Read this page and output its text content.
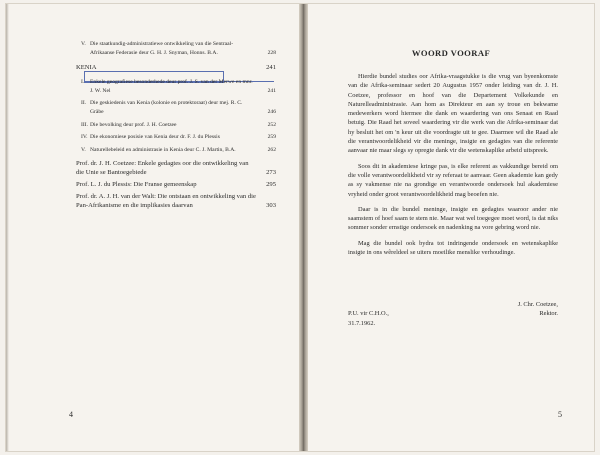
V. Die staatkundig-administratiewe ontwikkeling van die Sentraal-Afrikaanse Federasie deur G. H. J. Snyman, Honns. B.A.	228
KENIA	241
I. Enkele geografiese besonderhede deur prof. J. S. van der Merwe en mnr. J. W. Nel	241
II. Die geskiedenis van Kenia (kolonie en protektoraat) deur mej. R. C. Gräbe	246
III. Die bevolking deur prof. J. H. Coetzee	252
IV. Die ekonomiese posisie van Kenia deur dr. F. J. du Plessis	259
V. Naturellebeleid en administrasie in Kenia deur C. J. Martin, B.A.	262
Prof. dr. J. H. Coetzee: Enkele gedagtes oor die ontwikkeling van die Unie se Bantoegebiede	273
Prof. L. J. du Plessis: Die Franse gemeenskap	295
Prof. dr. A. J. H. van der Walt: Die ontstaan en ontwikkeling van die Pan-Afrikanisme en die implikasies daarvan	303
4
WOORD VOORAF

Hierdie bundel studies oor Afrika-vraagstukke is die vrug van byeenkomste van die Afrika-seminaar sedert 20 Augustus 1957 onder leiding van dr. J. H. Coetzee, professor en hoof van die Departement Volkekunde en Naturelleadministrasie. Aan hom as Direkteur en aan sy troue en bekwame medewerkers word hiermee die dank en waardering van ons Senaat en Raad betuig. Die Raad het soveel waardering vir die werk van die Afrika-seminaar dat hy besluit het om 'n keur uit die voordragte uit te gee. Daarmee wil die Raad ale die verantwoordelikheid vir die meninge, insigte en gedagtes van die referente aanvaar nie maar slegs sy opregte dank vir die wetenskaplike arbeid uitspreek.

Soos dit in akademiese kringe pas, is elke referent as vakkundige bereid om die volle verantwoordelikheid vir sy referaat te aanvaar. Geen akademie kan gedy as sy vakmense nie na grondige en verantwoorde ondersoek hul akademiese vryheid onder groot verantwoordelikheid mag beoefen nie.

Daar is in die bundel meninge, insigte en gedagtes waaroor ander nie saamstem of hoef saam te stem nie. Maar wat wel toegegee moet word, is dat niks sommer sonder ernstige ondersoek en nadenking na vore gebring word nie.

Mag die bundel ook bydra tot indringende ondersoek en wetenskaplike insigte in ons wêreldeel se uiters moeilike menslike verhoudinge.

J. Chr. Coetzee,
P.U. vir C.H.O.,	Rektor.
31.7.1962.
5
